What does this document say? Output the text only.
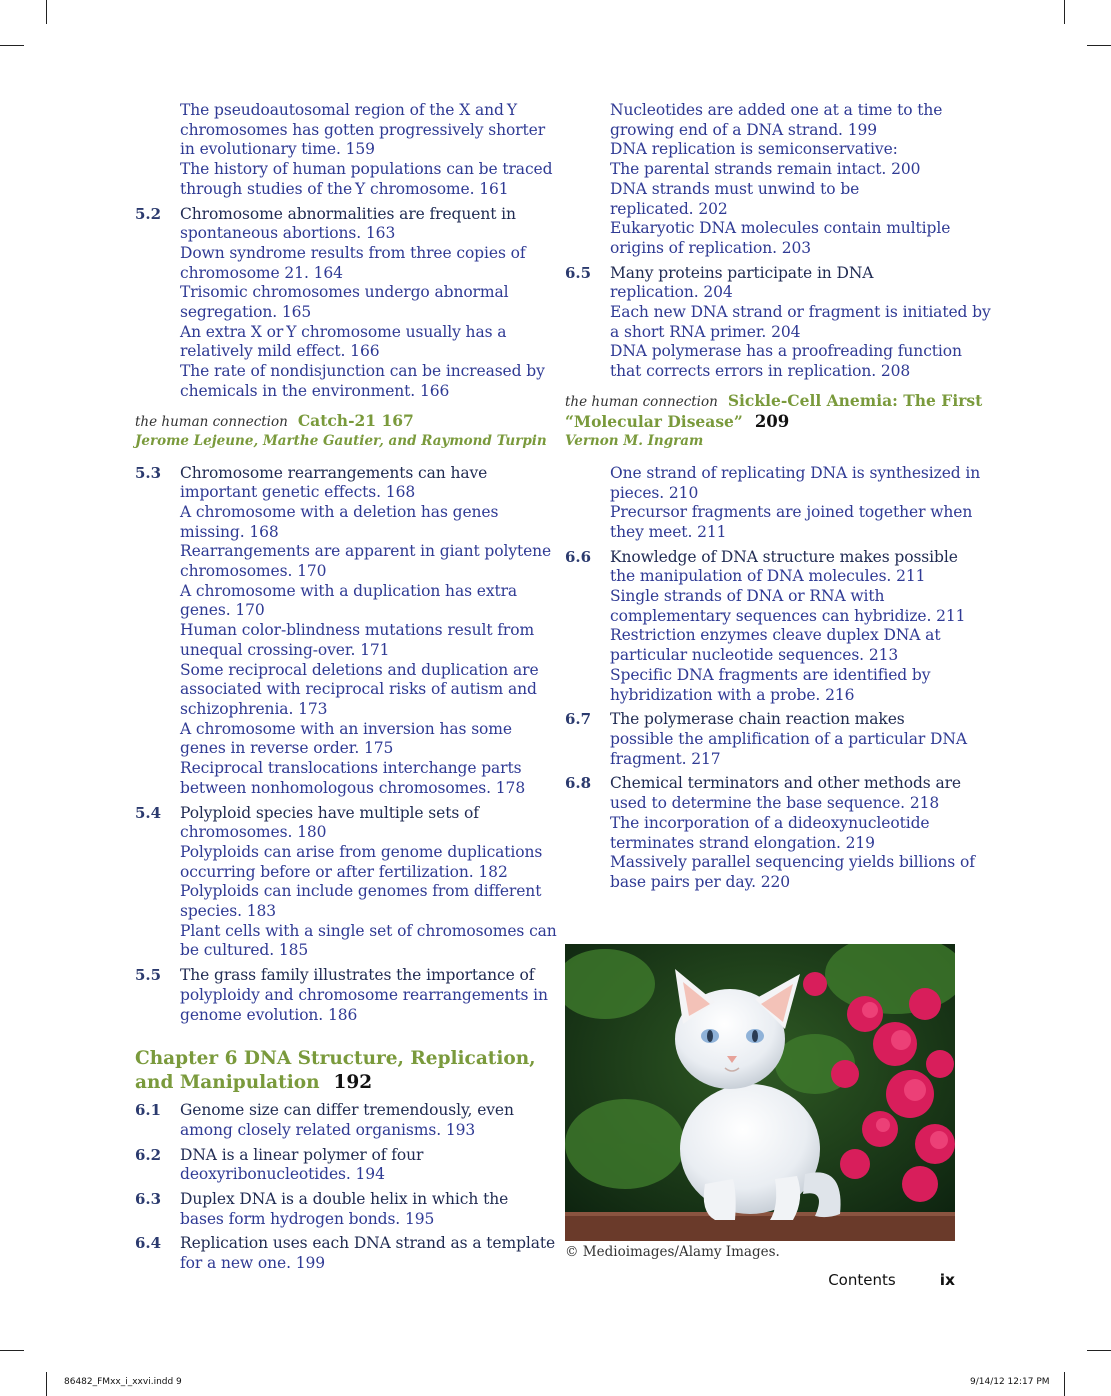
The pseudoautosomal region of the X and Y
chromosomes has gotten progressively shorter
in evolutionary time. 159
The history of human populations can be traced
through studies of the Y chromosome. 161
5.2	Chromosome abnormalities are frequent in
spontaneous abortions. 163
Down syndrome results from three copies of
chromosome 21. 164
Trisomic chromosomes undergo abnormal
segregation. 165
An extra X or Y chromosome usually has a
relatively mild effect. 166
The rate of nondisjunction can be increased by
chemicals in the environment. 166
the human connection Catch-21 167
Jerome Lejeune, Marthe Gautier, and Raymond Turpin
5.3	Chromosome rearrangements can have
important genetic effects. 168
A chromosome with a deletion has genes
missing. 168
Rearrangements are apparent in giant polytene
chromosomes. 170
A chromosome with a duplication has extra
genes. 170
Human color-blindness mutations result from
unequal crossing-over. 171
Some reciprocal deletions and duplication are
associated with reciprocal risks of autism and
schizophrenia. 173
A chromosome with an inversion has some
genes in reverse order. 175
Reciprocal translocations interchange parts
between nonhomologous chromosomes. 178
5.4	Polyploid species have multiple sets of
chromosomes. 180
Polyploids can arise from genome duplications
occurring before or after fertilization. 182
Polyploids can include genomes from different
species. 183
Plant cells with a single set of chromosomes can
be cultured. 185
5.5	The grass family illustrates the importance of
polyploidy and chromosome rearrangements in
genome evolution. 186
Chapter 6 DNA Structure, Replication,
and Manipulation 192
6.1	Genome size can differ tremendously, even
among closely related organisms. 193
6.2	DNA is a linear polymer of four
deoxyribonucleotides. 194
6.3	Duplex DNA is a double helix in which the
bases form hydrogen bonds. 195
6.4	Replication uses each DNA strand as a template
for a new one. 199
Nucleotides are added one at a time to the
growing end of a DNA strand. 199
DNA replication is semiconservative:
The parental strands remain intact. 200
DNA strands must unwind to be
replicated. 202
Eukaryotic DNA molecules contain multiple
origins of replication. 203
6.5	Many proteins participate in DNA
replication. 204
Each new DNA strand or fragment is initiated by
a short RNA primer. 204
DNA polymerase has a proofreading function
that corrects errors in replication. 208
the human connection Sickle-Cell Anemia: The First
“Molecular Disease” 209
Vernon M. Ingram
One strand of replicating DNA is synthesized in
pieces. 210
Precursor fragments are joined together when
they meet. 211
6.6	Knowledge of DNA structure makes possible
the manipulation of DNA molecules. 211
Single strands of DNA or RNA with
complementary sequences can hybridize. 211
Restriction enzymes cleave duplex DNA at
particular nucleotide sequences. 213
Specific DNA fragments are identified by
hybridization with a probe. 216
6.7	The polymerase chain reaction makes
possible the amplification of a particular DNA
fragment. 217
6.8	Chemical terminators and other methods are
used to determine the base sequence. 218
The incorporation of a dideoxynucleotide
terminates strand elongation. 219
Massively parallel sequencing yields billions of
base pairs per day. 220
© Medioimages/Alamy Images.
Contents	ix
86482_FMxx_i_xxvi.indd 9	9/14/12 12:17 PM
